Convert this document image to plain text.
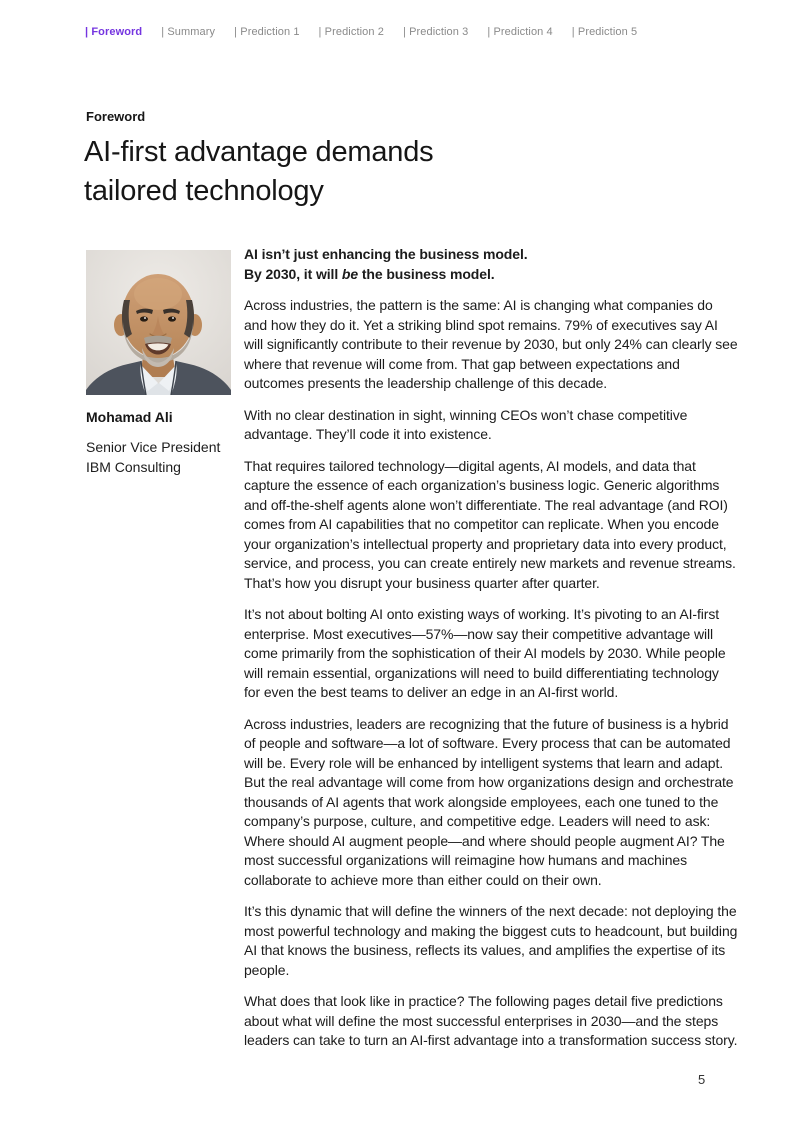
| Foreword | Summary | Prediction 1 | Prediction 2 | Prediction 3 | Prediction 4 | Prediction 5
Foreword
AI-first advantage demands
tailored technology
Mohamad Ali
Senior Vice President
IBM Consulting

AI isn’t just enhancing the business model.
By 2030, it will be the business model.

Across industries, the pattern is the same: AI is changing what companies do and how they do it. Yet a striking blind spot remains. 79% of executives say AI will significantly contribute to their revenue by 2030, but only 24% can clearly see where that revenue will come from. That gap between expectations and outcomes presents the leadership challenge of this decade.

With no clear destination in sight, winning CEOs won’t chase competitive advantage. They’ll code it into existence.

That requires tailored technology—digital agents, AI models, and data that capture the essence of each organization’s business logic. Generic algorithms and off-the-shelf agents alone won’t differentiate. The real advantage (and ROI) comes from AI capabilities that no competitor can replicate. When you encode your organization’s intellectual property and proprietary data into every product, service, and process, you can create entirely new markets and revenue streams. That’s how you disrupt your business quarter after quarter.

It’s not about bolting AI onto existing ways of working. It’s pivoting to an AI-first enterprise. Most executives—57%—now say their competitive advantage will come primarily from the sophistication of their AI models by 2030. While people will remain essential, organizations will need to build differentiating technology for even the best teams to deliver an edge in an AI-first world.

Across industries, leaders are recognizing that the future of business is a hybrid of people and software—a lot of software. Every process that can be automated will be. Every role will be enhanced by intelligent systems that learn and adapt. But the real advantage will come from how organizations design and orchestrate thousands of AI agents that work alongside employees, each one tuned to the company’s purpose, culture, and competitive edge. Leaders will need to ask: Where should AI augment people—and where should people augment AI? The most successful organizations will reimagine how humans and machines collaborate to achieve more than either could on their own.

It’s this dynamic that will define the winners of the next decade: not deploying the most powerful technology and making the biggest cuts to headcount, but building AI that knows the business, reflects its values, and amplifies the expertise of its people.

What does that look like in practice? The following pages detail five predictions about what will define the most successful enterprises in 2030—and the steps leaders can take to turn an AI-first advantage into a transformation success story.

5
